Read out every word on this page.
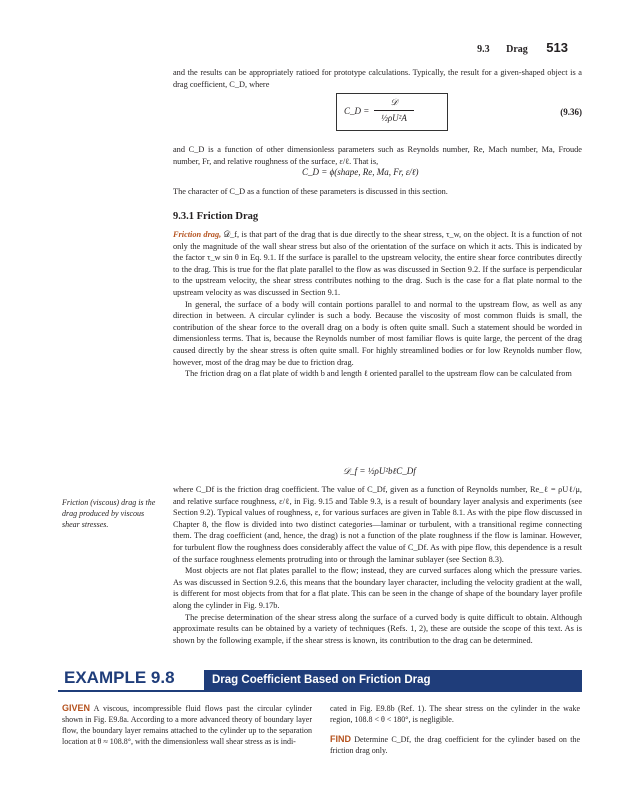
9.3 Drag 513

and the results can be appropriately ratioed for prototype calculations. Typically, the result for a given-shaped object is a drag coefficient, C_D, where

C_D =
𝒟
½ρU²A
(9.36)

and C_D is a function of other dimensionless parameters such as Reynolds number, Re, Mach number, Ma, Froude number, Fr, and relative roughness of the surface, ε/ℓ. That is,

C_D = ϕ(shape, Re, Ma, Fr, ε/ℓ)

The character of C_D as a function of these parameters is discussed in this section.

9.3.1 Friction Drag

Friction drag, 𝒟_f, is that part of the drag that is due directly to the shear stress, τ_w, on the object. It is a function of not only the magnitude of the wall shear stress but also of the orientation of the surface on which it acts. This is indicated by the factor τ_w sin θ in Eq. 9.1. If the surface is parallel to the upstream velocity, the entire shear force contributes directly to the drag. This is true for the flat plate parallel to the flow as was discussed in Section 9.2. If the surface is perpendicular to the upstream velocity, the shear stress contributes nothing to the drag. Such is the case for a flat plate normal to the upstream velocity as was discussed in Section 9.1.

In general, the surface of a body will contain portions parallel to and normal to the upstream flow, as well as any direction in between. A circular cylinder is such a body. Because the viscosity of most common fluids is small, the contribution of the shear force to the overall drag on a body is often quite small. Such a statement should be worded in dimensionless terms. That is, because the Reynolds number of most familiar flows is quite large, the percent of the drag caused directly by the shear stress is often quite small. For highly streamlined bodies or for low Reynolds number flow, however, most of the drag may be due to friction drag.

The friction drag on a flat plate of width b and length ℓ oriented parallel to the upstream flow can be calculated from

𝒟_f = ½ρU²bℓC_Df

where C_Df is the friction drag coefficient. The value of C_Df, given as a function of Reynolds number, Re_ℓ = ρUℓ/μ, and relative surface roughness, ε/ℓ, in Fig. 9.15 and Table 9.3, is a result of boundary layer analysis and experiments (see Section 9.2). Typical values of roughness, ε, for various surfaces are given in Table 8.1. As with the pipe flow discussed in Chapter 8, the flow is divided into two distinct categories—laminar or turbulent, with a transitional regime connecting them. The drag coefficient (and, hence, the drag) is not a function of the plate roughness if the flow is laminar. However, for turbulent flow the roughness does considerably affect the value of C_Df. As with pipe flow, this dependence is a result of the surface roughness elements protruding into or through the laminar sublayer (see Section 8.3).

Most objects are not flat plates parallel to the flow; instead, they are curved surfaces along which the pressure varies. As was discussed in Section 9.2.6, this means that the boundary layer character, including the velocity gradient at the wall, is different for most objects from that for a flat plate. This can be seen in the change of shape of the boundary layer profile along the cylinder in Fig. 9.17b.

The precise determination of the shear stress along the surface of a curved body is quite difficult to obtain. Although approximate results can be obtained by a variety of techniques (Refs. 1, 2), these are outside the scope of this text. As is shown by the following example, if the shear stress is known, its contribution to the drag can be determined.

Friction (viscous) drag is the drag produced by viscous shear stresses.
EXAMPLE 9.8	Drag Coefficient Based on Friction Drag
GIVEN A viscous, incompressible fluid flows past the circular cylinder shown in Fig. E9.8a. According to a more advanced theory of boundary layer flow, the boundary layer remains attached to the cylinder up to the separation location at θ ≈ 108.8°, with the dimensionless wall shear stress as is indi-
cated in Fig. E9.8b (Ref. 1). The shear stress on the cylinder in the wake region, 108.8 < θ < 180°, is negligible.
FIND Determine C_Df, the drag coefficient for the cylinder based on the friction drag only.
